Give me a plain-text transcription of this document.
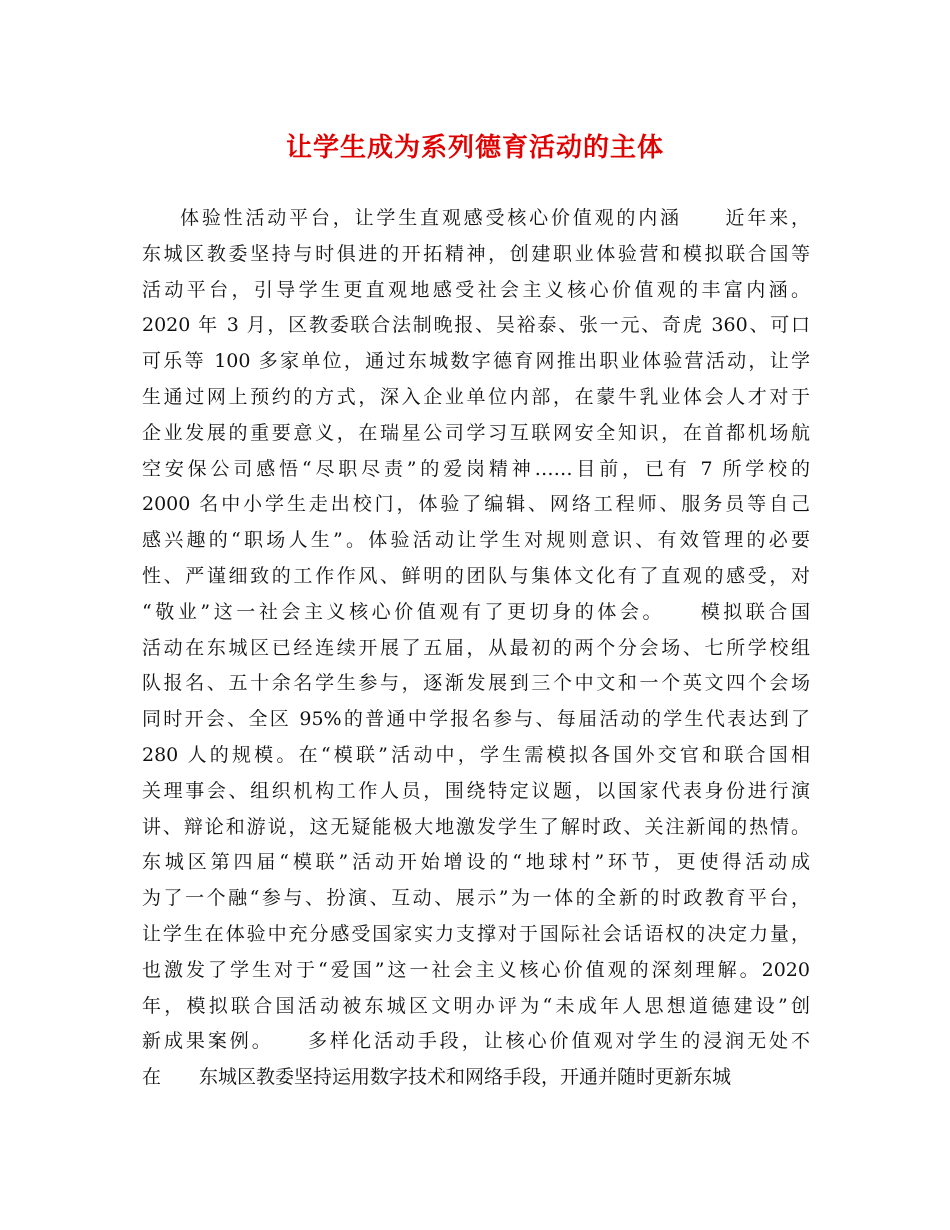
让学生成为系列德育活动的主体
体验性活动平台，让学生直观感受核心价值观的内涵　　近年来，
东城区教委坚持与时俱进的开拓精神，创建职业体验营和模拟联合国等
活动平台，引导学生更直观地感受社会主义核心价值观的丰富内涵。
2020 年 3 月，区教委联合法制晚报、吴裕泰、张一元、奇虎 360、可口
可乐等 100 多家单位，通过东城数字德育网推出职业体验营活动，让学
生通过网上预约的方式，深入企业单位内部，在蒙牛乳业体会人才对于
企业发展的重要意义，在瑞星公司学习互联网安全知识，在首都机场航
空安保公司感悟“尽职尽责”的爱岗精神……目前，已有 7 所学校的
2000 名中小学生走出校门，体验了编辑、网络工程师、服务员等自己
感兴趣的“职场人生”。体验活动让学生对规则意识、有效管理的必要
性、严谨细致的工作作风、鲜明的团队与集体文化有了直观的感受，对
“敬业”这一社会主义核心价值观有了更切身的体会。　　模拟联合国
活动在东城区已经连续开展了五届，从最初的两个分会场、七所学校组
队报名、五十余名学生参与，逐渐发展到三个中文和一个英文四个会场
同时开会、全区 95%的普通中学报名参与、每届活动的学生代表达到了
280 人的规模。在“模联”活动中，学生需模拟各国外交官和联合国相
关理事会、组织机构工作人员，围绕特定议题，以国家代表身份进行演
讲、辩论和游说，这无疑能极大地激发学生了解时政、关注新闻的热情。
东城区第四届“模联”活动开始增设的“地球村”环节，更使得活动成
为了一个融“参与、扮演、互动、展示”为一体的全新的时政教育平台，
让学生在体验中充分感受国家实力支撑对于国际社会话语权的决定力量，
也激发了学生对于“爱国”这一社会主义核心价值观的深刻理解。2020
年，模拟联合国活动被东城区文明办评为“未成年人思想道德建设”创
新成果案例。　　多样化活动手段，让核心价值观对学生的浸润无处不
在　　东城区教委坚持运用数字技术和网络手段，开通并随时更新东城
